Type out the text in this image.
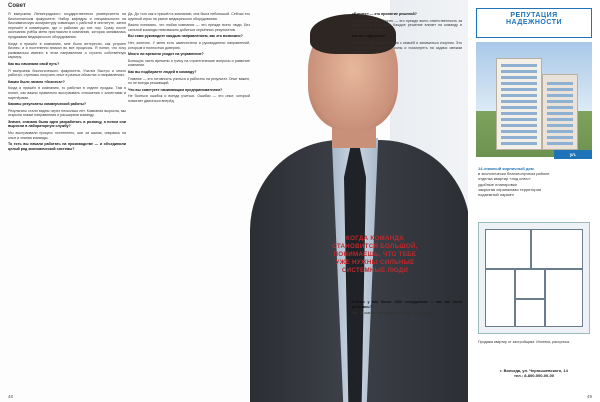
Совет

Я выпускник Ленинградского государственного университета на биологическом факультете. Набор кафедры и специальности на биохимическую аспирантуру совмещал с работой в институте, затем перешёл в коммерцию, где и работаю до сих пор. Сразу после окончания учёбы меня пригласили в компанию, которая занималась продажами медицинского оборудования.

Когда я пришёл в компанию, мне было интересно, как устроен бизнес, и я постепенно вникал во все процессы. Я понял, что хочу развиваться именно в этом направлении и строить собственную карьеру.

Как вы начинали свой путь?

Я выпускник биологического факультета. Учился быстро и много работал, стремясь получить опыт в разных областях и направлениях.

Каким было начало «бизнеса»?

Когда я пришёл в компанию, то работал в отделе продаж. Там я понял, как важно правильно выстраивать отношения с клиентами и партнёрами.

Каковы результаты коммерческой работы?

Результаты стали видны через несколько лет. Компания выросла, мы открыли новые направления и расширили команду.

Значит, сначала была идея разработать в розницу, а потом они выросли в лабораторную службу?

Мы выстраивали процесс постепенно, шаг за шагом, опираясь на опыт и знания команды.

То есть вы начали работать на производстве — и объединили целый ряд экономической системы?

Да. До того как я пришёл в компанию, она была небольшой. Сейчас это крупный игрок на рынке медицинского оборудования.

Важно понимать, что любая компания — это прежде всего люди. Без сильной команды невозможно добиться серьёзных результатов.

Вы сами руководите каждым направлением, как это возможно?

Нет, конечно. У меня есть заместители и руководители направлений, которым я полностью доверяю.

Много ли времени уходит на управление?

Большую часть времени я трачу на стратегические вопросы и развитие компании.

Как вы подбираете людей в команду?

Главное — это готовность учиться и работать на результат. Опыт важен, но не всегда решающий.

Что вы советуете начинающим предпринимателям?

Не бояться ошибок и всегда учиться. Ошибки — это опыт, который помогает двигаться вперёд.

КОГДА КОМАНДА СТАНОВИТСЯ БОЛЬШОЙ, ПОНИМАЕШЬ, ЧТО ТЕБЕ УЖЕ НУЖНЫ СИЛЬНЫЕ СИСТЕМНЫЕ ЛЮДИ

«Бизнес» — это принятие решений?

Я бы сказал, что бизнес — это прежде всего ответственность за людей и за результат. Каждое решение влияет на команду и компанию в целом.

Как вы отдыхаете?

Стараюсь проводить время с семьёй и заниматься спортом. Это помогает восстановить силы и посмотреть на задачи свежим взглядом.

Сейчас у вас более 1000 сотрудников — как вы этого добились?

Шаг за шагом, выстраивая систему и доверяя людям.

РЕПУТАЦИЯ
НАДЕЖНОСТИ
ул. Чернышевского, 14
14-этажный кирпичный дом
в экологически благополучном районе
отделка квартир «под ключ»
удобные планировки
закрытая охраняемая территория
подземный паркинг
Продажа квартир от застройщика. Ипотека, рассрочка.
г. Вологда, ул. Чернышевского, 14
тел.: 8-800-000-00-00
48	49
